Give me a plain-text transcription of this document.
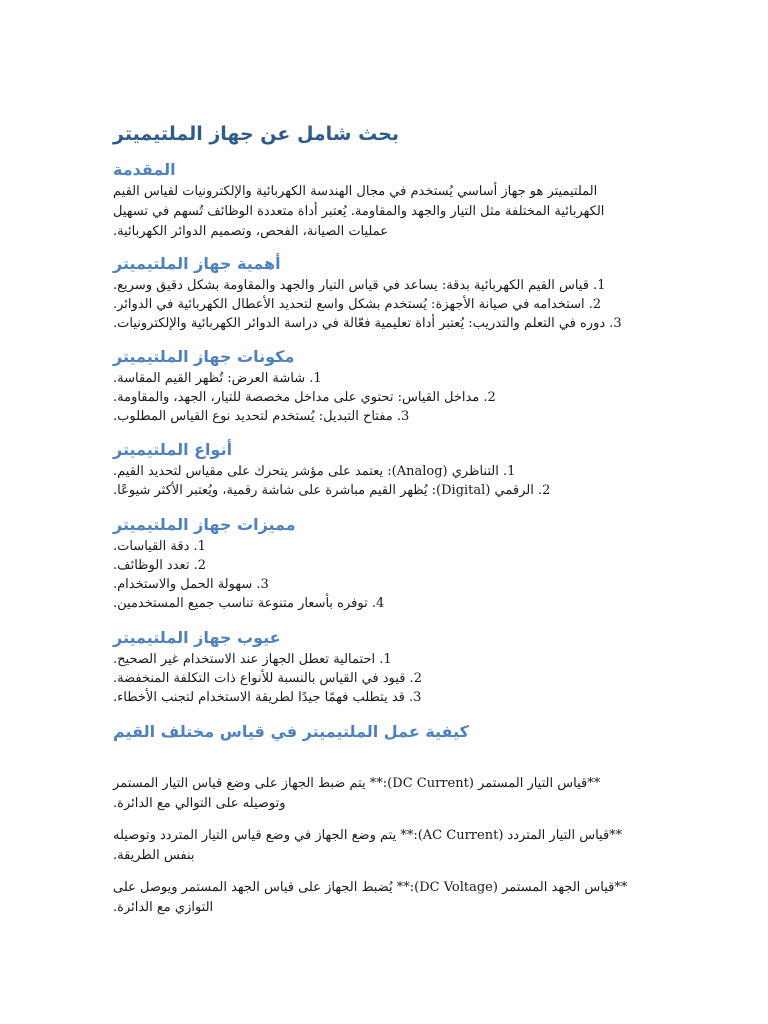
بحث شامل عن جهاز الملتيميتر
المقدمة
الملتيميتر هو جهاز أساسي يُستخدم في مجال الهندسة الكهربائية والإلكترونيات لقياس القيم
الكهربائية المختلفة مثل التيار والجهد والمقاومة. يُعتبر أداة متعددة الوظائف تُسهم في تسهيل
عمليات الصيانة، الفحص، وتصميم الدوائر الكهربائية.
أهمية جهاز الملتيميتر
1. قياس القيم الكهربائية بدقة: يساعد في قياس التيار والجهد والمقاومة بشكل دقيق وسريع.
2. استخدامه في صيانة الأجهزة: يُستخدم بشكل واسع لتحديد الأعطال الكهربائية في الدوائر.
3. دوره في التعلم والتدريب: يُعتبر أداة تعليمية فعّالة في دراسة الدوائر الكهربائية والإلكترونيات.
مكونات جهاز الملتيميتر
1. شاشة العرض: تُظهر القيم المقاسة.
2. مداخل القياس: تحتوي على مداخل مخصصة للتيار، الجهد، والمقاومة.
3. مفتاح التبديل: يُستخدم لتحديد نوع القياس المطلوب.
أنواع الملتيميتر
1. التناظري (Analog): يعتمد على مؤشر يتحرك على مقياس لتحديد القيم.
2. الرقمي (Digital): يُظهر القيم مباشرة على شاشة رقمية، ويُعتبر الأكثر شيوعًا.
مميزات جهاز الملتيميتر
1. دقة القياسات.
2. تعدد الوظائف.
3. سهولة الحمل والاستخدام.
4. توفره بأسعار متنوعة تناسب جميع المستخدمين.
عيوب جهاز الملتيميتر
1. احتمالية تعطل الجهاز عند الاستخدام غير الصحيح.
2. قيود في القياس بالنسبة للأنواع ذات التكلفة المنخفضة.
3. قد يتطلب فهمًا جيدًا لطريقة الاستخدام لتجنب الأخطاء.
كيفية عمل الملتيميتر في قياس مختلف القيم
**قياس التيار المستمر (DC Current):** يتم ضبط الجهاز على وضع قياس التيار المستمر
وتوصيله على التوالي مع الدائرة.
**قياس التيار المتردد (AC Current):** يتم وضع الجهاز في وضع قياس التيار المتردد وتوصيله
بنفس الطريقة.
**قياس الجهد المستمر (DC Voltage):** يُضبط الجهاز على قياس الجهد المستمر ويوصل على
التوازي مع الدائرة.
